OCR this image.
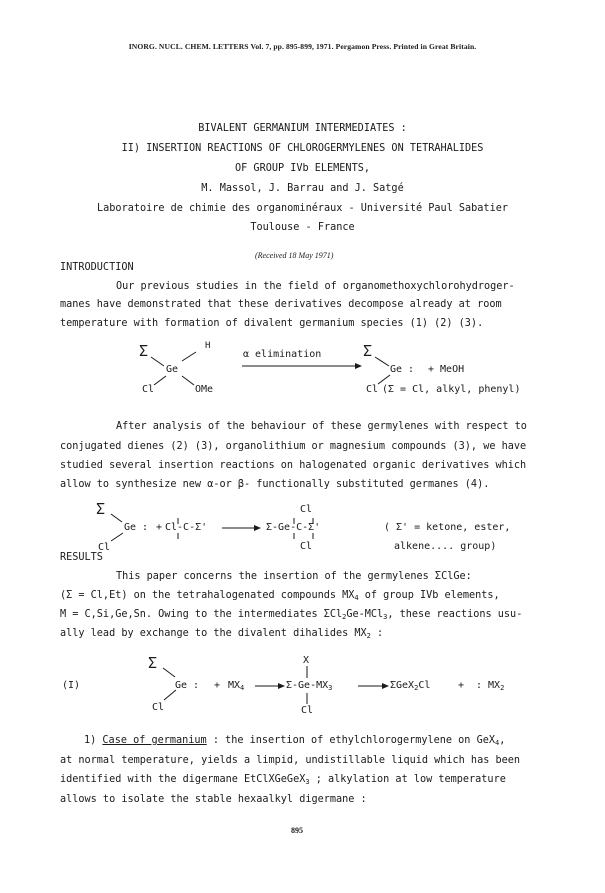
INORG. NUCL. CHEM. LETTERS Vol. 7, pp. 895-899, 1971. Pergamon Press. Printed in Great Britain.
BIVALENT GERMANIUM INTERMEDIATES :
II) INSERTION REACTIONS OF CHLOROGERMYLENES ON TETRAHALIDES
OF GROUP IVb ELEMENTS,
M. Massol, J. Barrau and J. Satgé
Laboratoire de chimie des organominéraux - Université Paul Sabatier
Toulouse - France
(Received 18 May 1971)
INTRODUCTION
Our previous studies in the field of organomethoxychlorohydroger-
manes have demonstrated that these derivatives decompose already at room
temperature with formation of divalent germanium species (1) (2) (3).
Σ	H
Ge
Cl	OMe
α elimination	Σ
Ge : + MeOH
Cl (Σ = Cl, alkyl, phenyl)
After analysis of the behaviour of these germylenes with respect to
conjugated dienes (2) (3), organolithium or magnesium compounds (3), we have
studied several insertion reactions on halogenated organic derivatives which
allow to synthesize new α-or β- functionally substituted germanes (4).
Σ
Ge : + Cl-C-Σ'
Cl
Cl
Σ-Ge-C-Σ'
Cl
( Σ' = ketone, ester,
alkene.... group)
RESULTS
This paper concerns the insertion of the germylenes ΣClGe:
(Σ = Cl,Et) on the tetrahalogenated compounds $MX_4$ of group IVb elements,
M = C,Si,Ge,Sn. Owing to the intermediates ΣCl$_2$Ge-MCl$_3$, these reactions usu-
ally lead by exchange to the divalent dihalides $MX_2$ :
(I)
Σ
Ge : + $MX_4$
X
$\Sigma-Ge-MX_3$
Cl
ΣGeX$_2$Cl	+ : $MX_2$
Cl
1) Case of germanium : the insertion of ethylchlorogermylene on GeX$_4$,
at normal temperature, yields a limpid, undistillable liquid which has been
identified with the digermane EtClXGeGeX$_3$ ; alkylation at low temperature
allows to isolate the stable hexaalkyl digermane :
895
